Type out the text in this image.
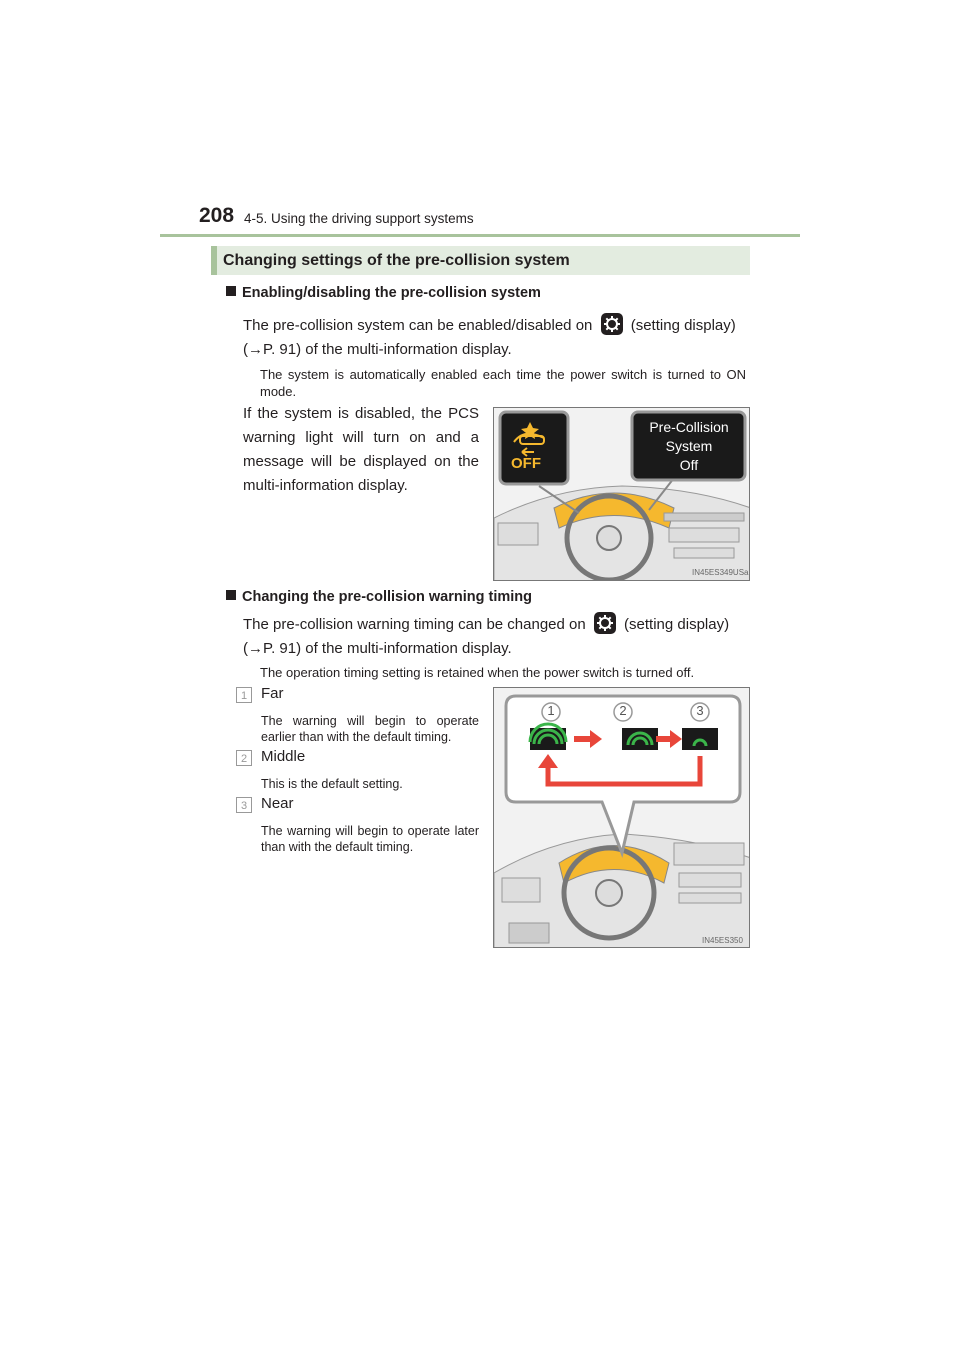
208 4-5. Using the driving support systems
Changing settings of the pre-collision system
Enabling/disabling the pre-collision system
The pre-collision system can be enabled/disabled on	(setting display)
(→P. 91) of the multi-information display.
The system is automatically enabled each time the power switch is turned to ON mode.
If the system is disabled, the PCS warning light will turn on and a message will be displayed on the multi-information display.
OFF
Pre-Collision
System
Off
IN45ES349USa
Changing the pre-collision warning timing
The pre-collision warning timing can be changed on	(setting display)
(→P. 91) of the multi-information display.
The operation timing setting is retained when the power switch is turned off.
1 Far
The warning will begin to operate earlier than with the default timing.
2 Middle
This is the default setting.
3 Near
The warning will begin to operate later than with the default timing.
1	2	3
IN45ES350
